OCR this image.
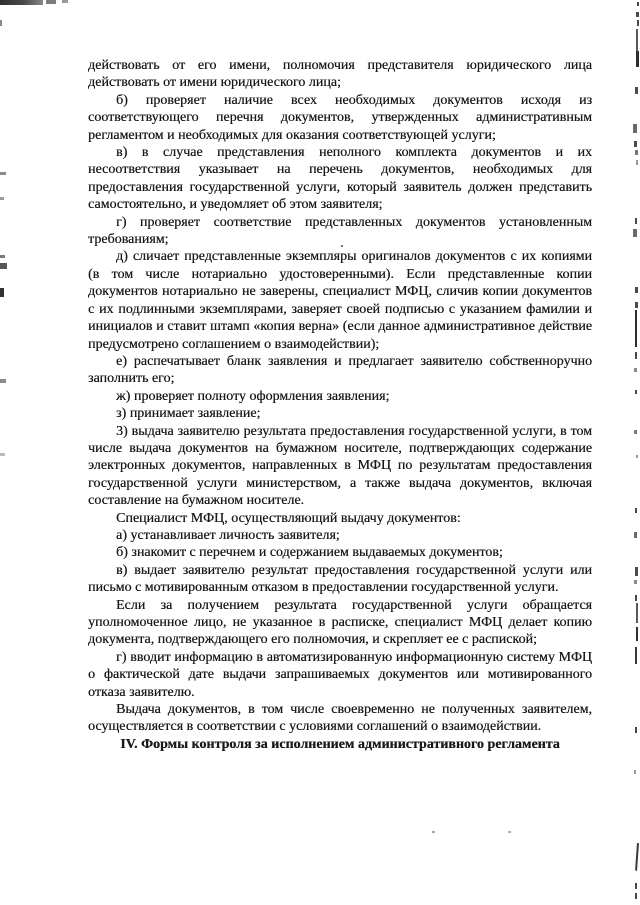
действовать от его имени, полномочия представителя юридического лица действовать от имени юридического лица;

б) проверяет наличие всех необходимых документов исходя из соответствующего перечня документов, утвержденных административным регламентом и необходимых для оказания соответствующей услуги;

в) в случае представления неполного комплекта документов и их несоответствия указывает на перечень документов, необходимых для предоставления государственной услуги, который заявитель должен представить самостоятельно, и уведомляет об этом заявителя;

г) проверяет соответствие представленных документов установленным требованиям;

д) сличает представленные экземпляры оригиналов документов с их копиями (в том числе нотариально удостоверенными). Если представленные копии документов нотариально не заверены, специалист МФЦ, сличив копии документов с их подлинными экземплярами, заверяет своей подписью с указанием фамилии и инициалов и ставит штамп «копия верна» (если данное административное действие предусмотрено соглашением о взаимодействии);

е) распечатывает бланк заявления и предлагает заявителю собственноручно заполнить его;

ж) проверяет полноту оформления заявления;

з) принимает заявление;

3) выдача заявителю результата предоставления государственной услуги, в том числе выдача документов на бумажном носителе, подтверждающих содержание электронных документов, направленных в МФЦ по результатам предоставления государственной услуги министерством, а также выдача документов, включая составление на бумажном носителе.

Специалист МФЦ, осуществляющий выдачу документов:

а) устанавливает личность заявителя;

б) знакомит с перечнем и содержанием выдаваемых документов;

в) выдает заявителю результат предоставления государственной услуги или письмо с мотивированным отказом в предоставлении государственной услуги.

Если за получением результата государственной услуги обращается уполномоченное лицо, не указанное в расписке, специалист МФЦ делает копию документа, подтверждающего его полномочия, и скрепляет ее с распиской;

г) вводит информацию в автоматизированную информационную систему МФЦ о фактической дате выдачи запрашиваемых документов или мотивированного отказа заявителю.

Выдача документов, в том числе своевременно не полученных заявителем, осуществляется в соответствии с условиями соглашений о взаимодействии.

IV. Формы контроля за исполнением административного регламента
